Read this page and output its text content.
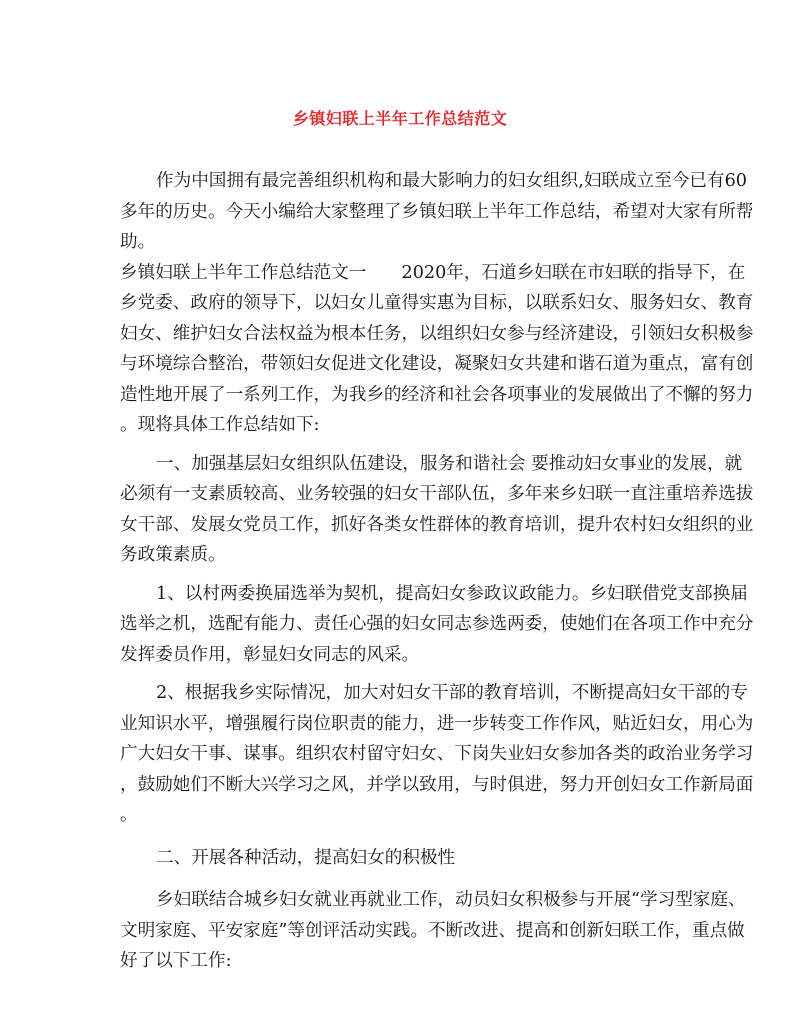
乡镇妇联上半年工作总结范文
作为中国拥有最完善组织机构和最大影响力的妇女组织,妇联成立至今已有60
多年的历史。今天小编给大家整理了乡镇妇联上半年工作总结，希望对大家有所帮
助。
乡镇妇联上半年工作总结范文一　　2020年，石道乡妇联在市妇联的指导下，在
乡党委、政府的领导下，以妇女儿童得实惠为目标，以联系妇女、服务妇女、教育
妇女、维护妇女合法权益为根本任务，以组织妇女参与经济建设，引领妇女积极参
与环境综合整治，带领妇女促进文化建设，凝聚妇女共建和谐石道为重点，富有创
造性地开展了一系列工作，为我乡的经济和社会各项事业的发展做出了不懈的努力
。现将具体工作总结如下:
一、加强基层妇女组织队伍建设，服务和谐社会 要推动妇女事业的发展，就
必须有一支素质较高、业务较强的妇女干部队伍，多年来乡妇联一直注重培养选拔
女干部、发展女党员工作，抓好各类女性群体的教育培训，提升农村妇女组织的业
务政策素质。
1、以村两委换届选举为契机，提高妇女参政议政能力。乡妇联借党支部换届
选举之机，选配有能力、责任心强的妇女同志参选两委，使她们在各项工作中充分
发挥委员作用，彰显妇女同志的风采。
2、根据我乡实际情况，加大对妇女干部的教育培训，不断提高妇女干部的专
业知识水平，增强履行岗位职责的能力，进一步转变工作作风，贴近妇女，用心为
广大妇女干事、谋事。组织农村留守妇女、下岗失业妇女参加各类的政治业务学习
，鼓励她们不断大兴学习之风，并学以致用，与时俱进，努力开创妇女工作新局面
。
二、开展各种活动，提高妇女的积极性
乡妇联结合城乡妇女就业再就业工作，动员妇女积极参与开展“学习型家庭、
文明家庭、平安家庭”等创评活动实践。不断改进、提高和创新妇联工作，重点做
好了以下工作:
